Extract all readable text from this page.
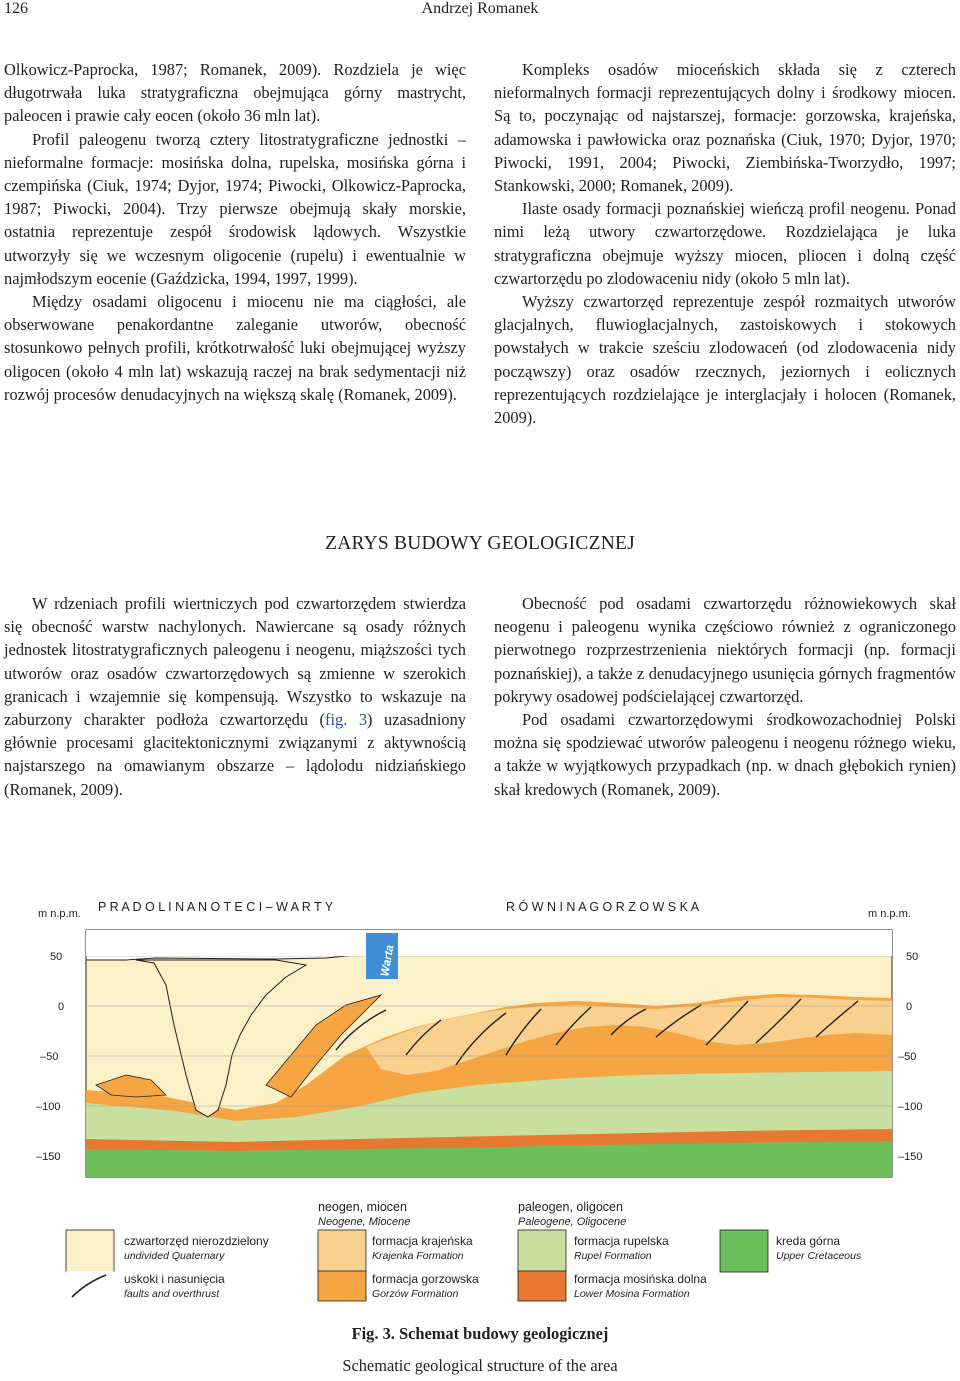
126	Andrzej Romanek

Olkowicz-Paprocka, 1987; Romanek, 2009). Rozdziela je więc długotrwała luka stratygraficzna obejmująca górny mastrycht, paleocen i prawie cały eocen (około 36 mln lat).

Profil paleogenu tworzą cztery litostratygraficzne jednostki – nieformalne formacje: mosińska dolna, rupelska, mosińska górna i czempińska (Ciuk, 1974; Dyjor, 1974; Piwocki, Olkowicz-Paprocka, 1987; Piwocki, 2004). Trzy pierwsze obejmują skały morskie, ostatnia reprezentuje zespół środowisk lądowych. Wszystkie utworzyły się we wczesnym oligocenie (rupelu) i ewentualnie w najmłodszym eocenie (Gaździcka, 1994, 1997, 1999).

Między osadami oligocenu i miocenu nie ma ciągłości, ale obserwowane penakordantne zaleganie utworów, obecność stosunkowo pełnych profili, krótkotrwałość luki obejmującej wyższy oligocen (około 4 mln lat) wskazują raczej na brak sedymentacji niż rozwój procesów denudacyjnych na większą skalę (Romanek, 2009).

Kompleks osadów mioceńskich składa się z czterech nieformalnych formacji reprezentujących dolny i środkowy miocen. Są to, poczynając od najstarszej, formacje: gorzowska, krajeńska, adamowska i pawłowicka oraz poznańska (Ciuk, 1970; Dyjor, 1970; Piwocki, 1991, 2004; Piwocki, Ziembińska-Tworzydło, 1997; Stankowski, 2000; Romanek, 2009).

Ilaste osady formacji poznańskiej wieńczą profil neogenu. Ponad nimi leżą utwory czwartorzędowe. Rozdzielająca je luka stratygraficzna obejmuje wyższy miocen, pliocen i dolną część czwartorzędu po zlodowaceniu nidy (około 5 mln lat).

Wyższy czwartorzęd reprezentuje zespół rozmaitych utworów glacjalnych, fluwioglacjalnych, zastoiskowych i stokowych powstałych w trakcie sześciu zlodowaceń (od zlodowacenia nidy począwszy) oraz osadów rzecznych, jeziornych i eolicznych reprezentujących rozdzielające je interglacjały i holocen (Romanek, 2009).

ZARYS BUDOWY GEOLOGICZNEJ

W rdzeniach profili wiertniczych pod czwartorzędem stwierdza się obecność warstw nachylonych. Nawiercane są osady różnych jednostek litostratygraficznych paleogenu i neogenu, miąższości tych utworów oraz osadów czwartorzędowych są zmienne w szerokich granicach i wzajemnie się kompensują. Wszystko to wskazuje na zaburzony charakter podłoża czwartorzędu (fig. 3) uzasadniony głównie procesami glacitektonicznymi związanymi z aktywnością najstarszego na omawianym obszarze – lądolodu nidziańskiego (Romanek, 2009).

Obecność pod osadami czwartorzędu różnowiekowych skał neogenu i paleogenu wynika częściowo również z ograniczonego pierwotnego rozprzestrzenienia niektórych formacji (np. formacji poznańskiej), a także z denudacyjnego usunięcia górnych fragmentów pokrywy osadowej podścielającej czwartorzęd.

Pod osadami czwartorzędowymi środkowozachodniej Polski można się spodziewać utworów paleogenu i neogenu różnego wieku, a także w wyjątkowych przypadkach (np. w dnach głębokich rynien) skał kredowych (Romanek, 2009).

P R A D O L I N A N O T E C I – W A R T Y	R Ó W N I N A G O R Z O W S K A
m n.p.m.	m n.p.m.
Warta
50
0
–50
–100
–150
50
0
–50
–100
–150
neogen, miocen
Neogene, Miocene
paleogen, oligocen
Paleogene, Oligocene
czwartorzęd nierozdzielony
undivided Quaternary
formacja krajeńska
Krajenka Formation
formacja rupelska
Rupel Formation
kreda górna
Upper Cretaceous
uskoki i nasunięcia
faults and overthrust
formacja gorzowska
Gorzów Formation
formacja mosińska dolna
Lower Mosina Formation
Fig. 3. Schemat budowy geologicznej
Schematic geological structure of the area
